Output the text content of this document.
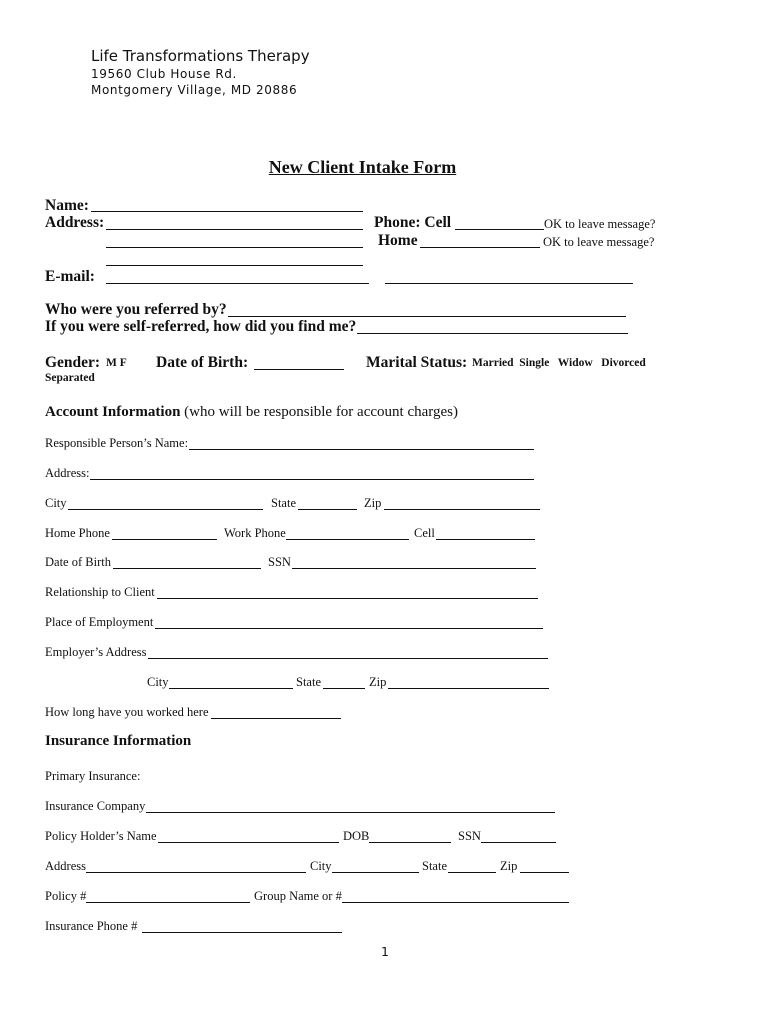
Life Transformations Therapy
19560 Club House Rd.
Montgomery Village, MD 20886
New Client Intake Form
Name:
Address:	Phone: Cell	OK to leave message?
Home	OK to leave message?
E-mail:
Who were you referred by?
If you were self-referred, how did you find me?
Gender: M F Date of Birth:	Marital Status: Married  Single   Widow   Divorced
Separated
Account Information (who will be responsible for account charges)
Responsible Person’s Name:
Address:
City	State	Zip
Home Phone	Work Phone	Cell
Date of Birth	SSN
Relationship to Client
Place of Employment
Employer’s Address
City	State	Zip
How long have you worked here
Insurance Information
Primary Insurance:
Insurance Company
Policy Holder’s Name	DOB	SSN
Address	City	State	Zip
Policy #	Group Name or #
Insurance Phone #
1
